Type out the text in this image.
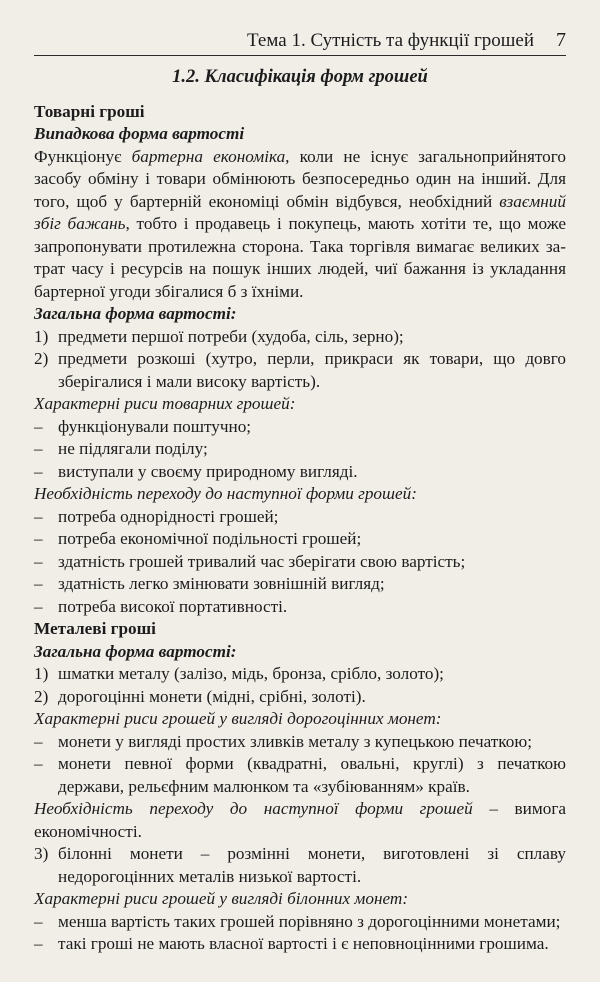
Тема 1. Сутність та функції грошей 7
1.2. Класифікація форм грошей
Товарні гроші
Випадкова форма вартості
Функціонує бартерна економіка, коли не існує загальноприйнятого
засобу обміну і товари обмінюють безпосередньо один на інший. Для
того, щоб у бартерній економіці обмін відбувся, необхідний взаємний
збіг бажань, тобто і продавець і покупець, мають хотіти те, що може
запропонувати протилежна сторона. Така торгівля вимагає великих за-
трат часу і ресурсів на пошук інших людей, чиї бажання із укладання
бартерної угоди збігалися б з їхніми.
Загальна форма вартості:
1) предмети першої потреби (худоба, сіль, зерно);
2) предмети розкоші (хутро, перли, прикраси як товари, що довго зберігалися і мали високу вартість).
Характерні риси товарних грошей:
– функціонували поштучно;
– не підлягали поділу;
– виступали у своєму природному вигляді.
Необхідність переходу до наступної форми грошей:
– потреба однорідності грошей;
– потреба економічної подільності грошей;
– здатність грошей тривалий час зберігати свою вартість;
– здатність легко змінювати зовнішній вигляд;
– потреба високої портативності.
Металеві гроші
Загальна форма вартості:
1) шматки металу (залізо, мідь, бронза, срібло, золото);
2) дорогоцінні монети (мідні, срібні, золоті).
Характерні риси грошей у вигляді дорогоцінних монет:
– монети у вигляді простих зливків металу з купецькою печаткою;
– монети певної форми (квадратні, овальні, круглі) з печаткою держави, рельєфним малюнком та «зубіюванням» країв.
Необхідність переходу до наступної форми грошей – вимога економічності.
3) білонні монети – розмінні монети, виготовлені зі сплаву недорогоцінних металів низької вартості.
Характерні риси грошей у вигляді білонних монет:
– менша вартість таких грошей порівняно з дорогоцінними монетами;
– такі гроші не мають власної вартості і є неповноцінними грошима.
